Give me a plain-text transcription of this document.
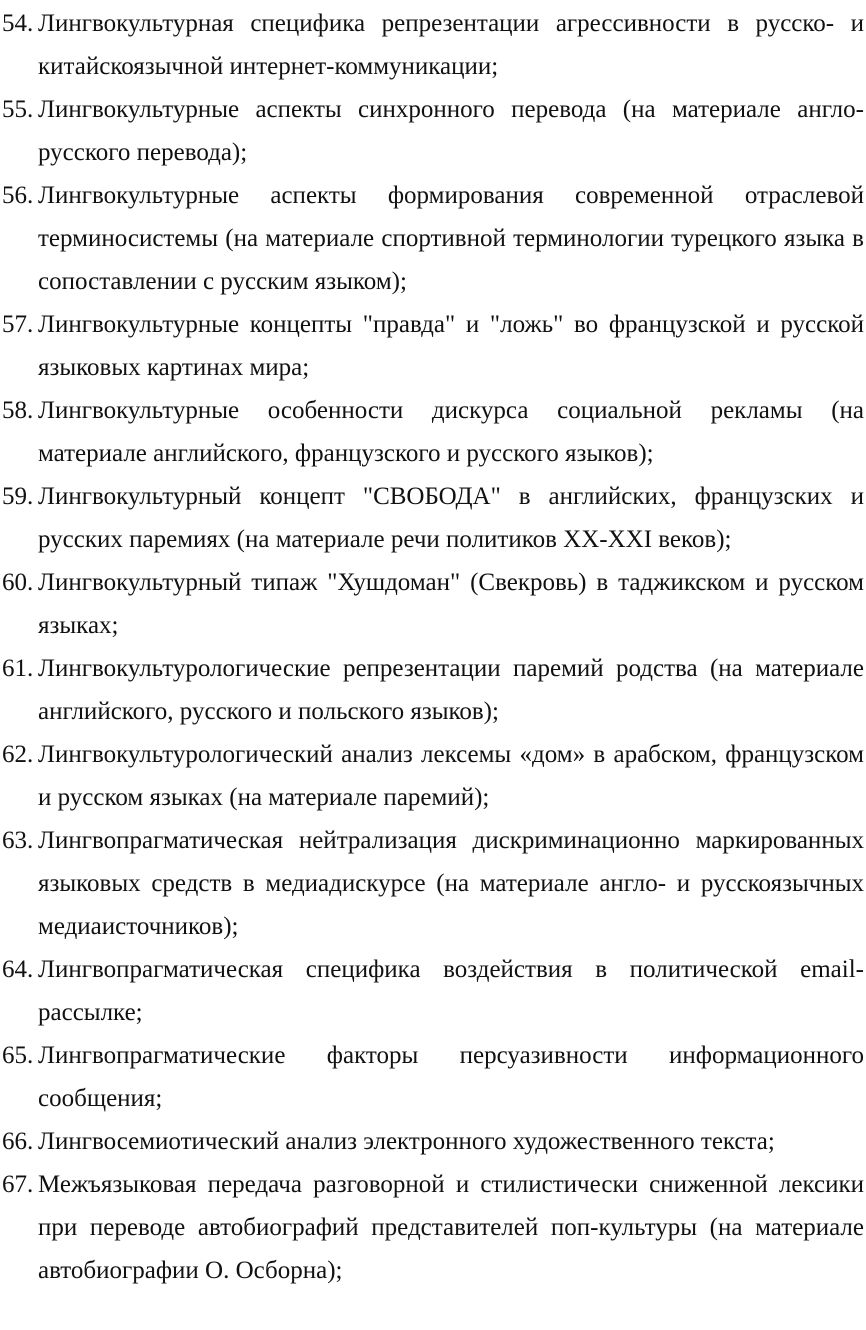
54. Лингвокультурная специфика репрезентации агрессивности в русско- и китайскоязычной интернет-коммуникации;
55. Лингвокультурные аспекты синхронного перевода (на материале англо-русского перевода);
56. Лингвокультурные аспекты формирования современной отраслевой терминосистемы (на материале спортивной терминологии турецкого языка в сопоставлении с русским языком);
57. Лингвокультурные концепты "правда" и "ложь" во французской и русской языковых картинах мира;
58. Лингвокультурные особенности дискурса социальной рекламы (на материале английского, французского и русского языков);
59. Лингвокультурный концепт "СВОБОДА" в английских, французских и русских паремиях (на материале речи политиков XX-XXI веков);
60. Лингвокультурный типаж "Хушдоман" (Свекровь) в таджикском и русском языках;
61. Лингвокультурологические репрезентации паремий родства (на материале английского, русского и польского языков);
62. Лингвокультурологический анализ лексемы «дом» в арабском, французском и русском языках (на материале паремий);
63. Лингвопрагматическая нейтрализация дискриминационно маркированных языковых средств в медиадискурсе (на материале англо- и русскоязычных медиаисточников);
64. Лингвопрагматическая специфика воздействия в политической email-рассылке;
65. Лингвопрагматические факторы персуазивности информационного сообщения;
66. Лингвосемиотический анализ электронного художественного текста;
67. Межъязыковая передача разговорной и стилистически сниженной лексики при переводе автобиографий представителей поп-культуры (на материале автобиографии О. Осборна);
